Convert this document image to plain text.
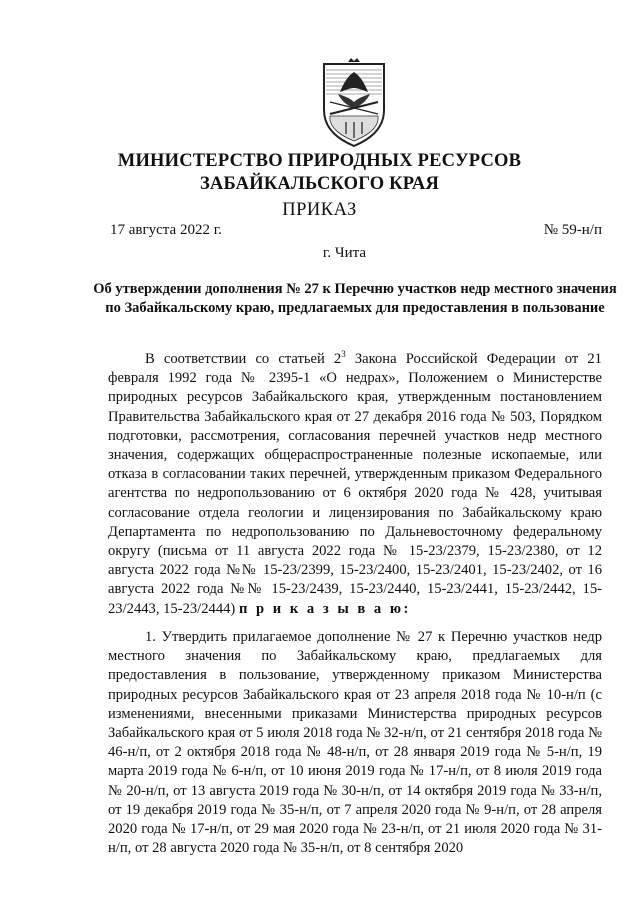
МИНИСТЕРСТВО ПРИРОДНЫХ РЕСУРСОВ
ЗАБАЙКАЛЬСКОГО КРАЯ
ПРИКАЗ
17 августа 2022 г.	№ 59-н/п
г. Чита
Об утверждении дополнения № 27 к Перечню участков недр местного значения по Забайкальскому краю, предлагаемых для предоставления в пользование

В соответствии со статьей $2^3$ Закона Российской Федерации от 21 февраля 1992 года № 2395-1 «О недрах», Положением о Министерстве природных ресурсов Забайкальского края, утвержденным постановлением Правительства Забайкальского края от 27 декабря 2016 года № 503, Порядком подготовки, рассмотрения, согласования перечней участков недр местного значения, содержащих общераспространенные полезные ископаемые, или отказа в согласовании таких перечней, утвержденным приказом Федерального агентства по недропользованию от 6 октября 2020 года № 428, учитывая согласование отдела геологии и лицензирования по Забайкальскому краю Департамента по недропользованию по Дальневосточному федеральному округу (письма от 11 августа 2022 года № 15-23/2379, 15-23/2380, от 12 августа 2022 года №№ 15-23/2399, 15-23/2400, 15-23/2401, 15-23/2402, от 16 августа 2022 года №№ 15-23/2439, 15-23/2440, 15-23/2441, 15-23/2442, 15-23/2443, 15-23/2444) п р и к а з ы в а ю:

1. Утвердить прилагаемое дополнение № 27 к Перечню участков недр местного значения по Забайкальскому краю, предлагаемых для предоставления в пользование, утвержденному приказом Министерства природных ресурсов Забайкальского края от 23 апреля 2018 года № 10-н/п (с изменениями, внесенными приказами Министерства природных ресурсов Забайкальского края от 5 июля 2018 года № 32-н/п, от 21 сентября 2018 года № 46-н/п, от 2 октября 2018 года № 48-н/п, от 28 января 2019 года № 5-н/п, 19 марта 2019 года № 6-н/п, от 10 июня 2019 года № 17-н/п, от 8 июля 2019 года № 20-н/п, от 13 августа 2019 года № 30-н/п, от 14 октября 2019 года № 33-н/п, от 19 декабря 2019 года № 35-н/п, от 7 апреля 2020 года № 9-н/п, от 28 апреля 2020 года № 17-н/п, от 29 мая 2020 года № 23-н/п, от 21 июля 2020 года № 31-н/п, от 28 августа 2020 года № 35-н/п, от 8 сентября 2020
